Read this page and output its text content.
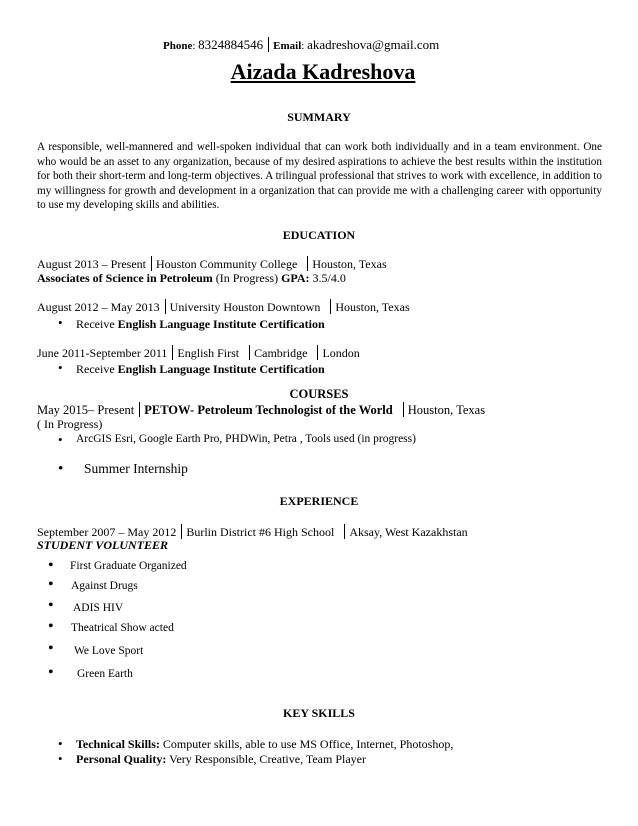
Phone: 8324884546 Email: akadreshova@gmail.com
Aizada Kadreshova
SUMMARY
A responsible, well-mannered and well-spoken individual that can work both individually and in a team environment. One who would be an asset to any organization, because of my desired aspirations to achieve the best results within the institution for both their short-term and long-term objectives. A trilingual professional that strives to work with excellence, in addition to my willingness for growth and development in a organization that can provide me with a challenging career with opportunity to use my developing skills and abilities.
EDUCATION
August 2013 – Present Houston Community College Houston, Texas
Associates of Science in Petroleum (In Progress) GPA: 3.5/4.0
August 2012 – May 2013 University Houston Downtown Houston, Texas
• Receive English Language Institute Certification
June 2011-September 2011 English First Cambridge London
• Receive English Language Institute Certification
COURSES
May 2015– Present PETOW- Petroleum Technologist of the World Houston, Texas
( In Progress)
• ArcGIS Esri, Google Earth Pro, PHDWin, Petra , Tools used (in progress)
• Summer Internship
EXPERIENCE
September 2007 – May 2012 Burlin District #6 High School Aksay, West Kazakhstan
STUDENT VOLUNTEER
• First Graduate Organized
• Against Drugs
• ADIS HIV
• Theatrical Show acted
• We Love Sport
• Green Earth
KEY SKILLS
• Technical Skills: Computer skills, able to use MS Office, Internet, Photoshop,
• Personal Quality: Very Responsible, Creative, Team Player
